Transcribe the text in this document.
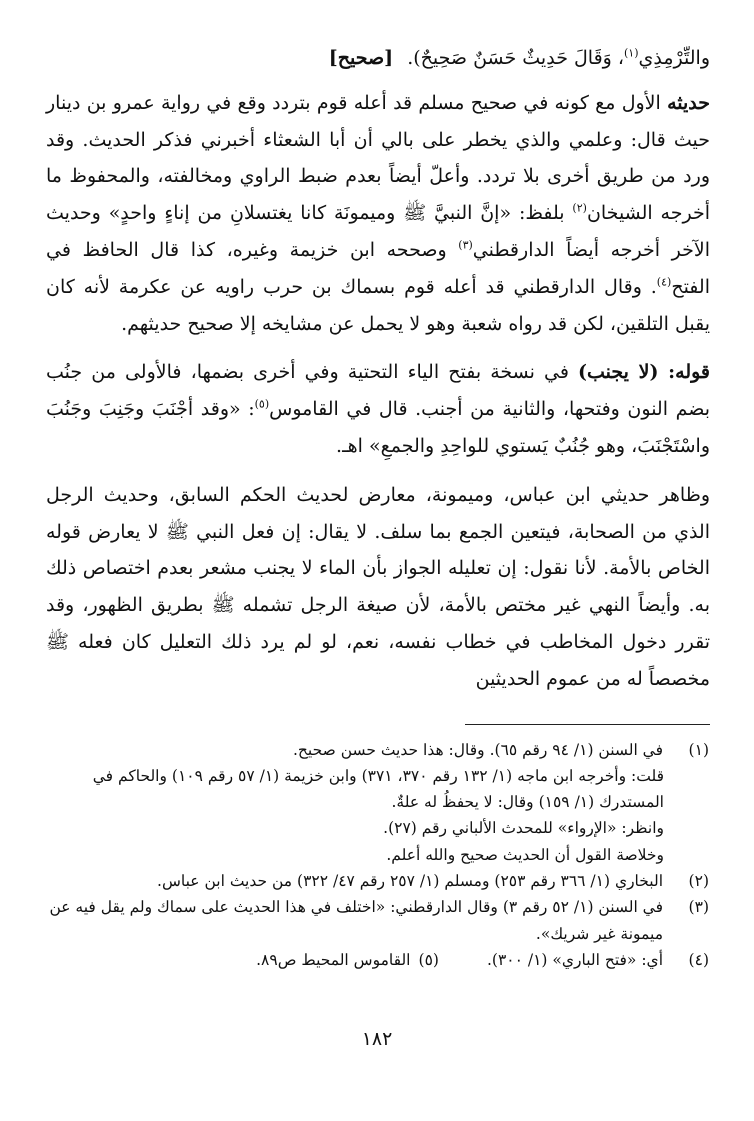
والتِّرْمِذِي$^{(١)}$، وَقَالَ حَدِيثٌ حَسَنٌ صَحِيحٌ).[صحيح]

حديثه الأول مع كونه في صحيح مسلم قد أعله قوم بتردد وقع في رواية عمرو بن دينار حيث قال: وعلمي والذي يخطر على بالي أن أبا الشعثاء أخبرني فذكر الحديث. وقد ورد من طريق أخرى بلا تردد. وأعلّ أيضاً بعدم ضبط الراوي ومخالفته، والمحفوظ ما أخرجه الشيخان$^{(٢)}$ بلفظ: «إنَّ النبيَّ ﷺ وميمونَة كانا يغتسلانِ من إناءٍ واحدٍ» وحديث الآخر أخرجه أيضاً الدارقطني$^{(٣)}$ وصححه ابن خزيمة وغيره، كذا قال الحافظ في الفتح$^{(٤)}$. وقال الدارقطني قد أعله قوم بسماك بن حرب راويه عن عكرمة لأنه كان يقبل التلقين، لكن قد رواه شعبة وهو لا يحمل عن مشايخه إلا صحيح حديثهم.

قوله: (لا يجنب) في نسخة بفتح الياء التحتية وفي أخرى بضمها، فالأولى من جنُب بضم النون وفتحها، والثانية من أجنب. قال في القاموس$^{(٥)}$: «وقد أجْنَبَ وجَنِبَ وجَنُبَ واسْتَجْنَبَ، وهو جُنُبٌ يَستوي للواحِدِ والجمعِ» اهـ.

وظاهر حديثي ابن عباس، وميمونة، معارض لحديث الحكم السابق، وحديث الرجل الذي من الصحابة، فيتعين الجمع بما سلف. لا يقال: إن فعل النبي ﷺ لا يعارض قوله الخاص بالأمة. لأنا نقول: إن تعليله الجواز بأن الماء لا يجنب مشعر بعدم اختصاص ذلك به. وأيضاً النهي غير مختص بالأمة، لأن صيغة الرجل تشمله ﷺ بطريق الظهور، وقد تقرر دخول المخاطب في خطاب نفسه، نعم، لو لم يرد ذلك التعليل كان فعله ﷺ مخصصاً له من عموم الحديثين

(١)
في السنن (١/ ٩٤ رقم ٦٥). وقال: هذا حديث حسن صحيح.
قلت: وأخرجه ابن ماجه (١/ ١٣٢ رقم ٣٧٠، ٣٧١) وابن خزيمة (١/ ٥٧ رقم ١٠٩) والحاكم في المستدرك (١/ ١٥٩) وقال: لا يحفظُ له علةٌ.
وانظر: «الإرواء» للمحدث الألباني رقم (٢٧).
وخلاصة القول أن الحديث صحيح والله أعلم.
(٢)
البخاري (١/ ٣٦٦ رقم ٢٥٣) ومسلم (١/ ٢٥٧ رقم ٤٧/ ٣٢٢) من حديث ابن عباس.
(٣)
في السنن (١/ ٥٢ رقم ٣) وقال الدارقطني: «اختلف في هذا الحديث على سماك ولم يقل فيه عن ميمونة غير شريك».
(٤)
أي: «فتح الباري» (١/ ٣٠٠).
(٥)
القاموس المحيط ص٨٩.
١٨٢
